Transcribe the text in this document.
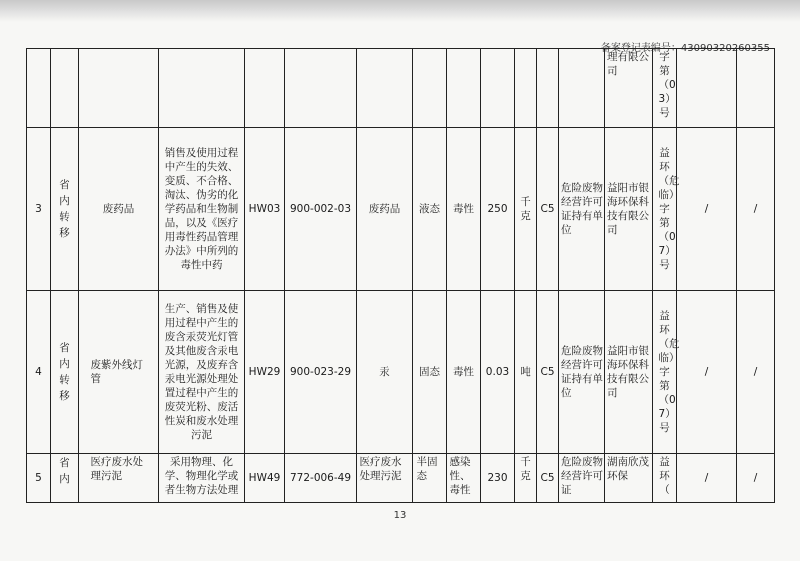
备案登记表编号：43090320260355

													理有限公司	字第（03）号		

3	省内转移	废药品	销售及使用过程中产生的失效、变质、不合格、淘汰、伪劣的化学药品和生物制品，以及《医疗用毒性药品管理办法》中所列的毒性中药	HW03	900-002-03	废药品	液态	毒性	250	千克	C5	危险废物经营许可证持有单位	益阳市银海环保科技有限公司	益环（危临）字第（07）号	/	/
4	省内转移	废紫外线灯管	生产、销售及使用过程中产生的废含汞荧光灯管及其他废含汞电光源，及废弃含汞电光源处理处置过程中产生的废荧光粉、废活性炭和废水处理污泥	HW29	900-023-29	汞	固态	毒性	0.03	吨	C5	危险废物经营许可证持有单位	益阳市银海环保科技有限公司	益环（危临）字第（07）号	/	/
5	省内	医疗废水处理污泥	采用物理、化学、物理化学或者生物方法处理	HW49	772-006-49	医疗废水处理污泥	半固态	感染性、毒性	230	千克	C5	危险废物经营许可证	湖南欣茂环保	益环（	/	/
13
